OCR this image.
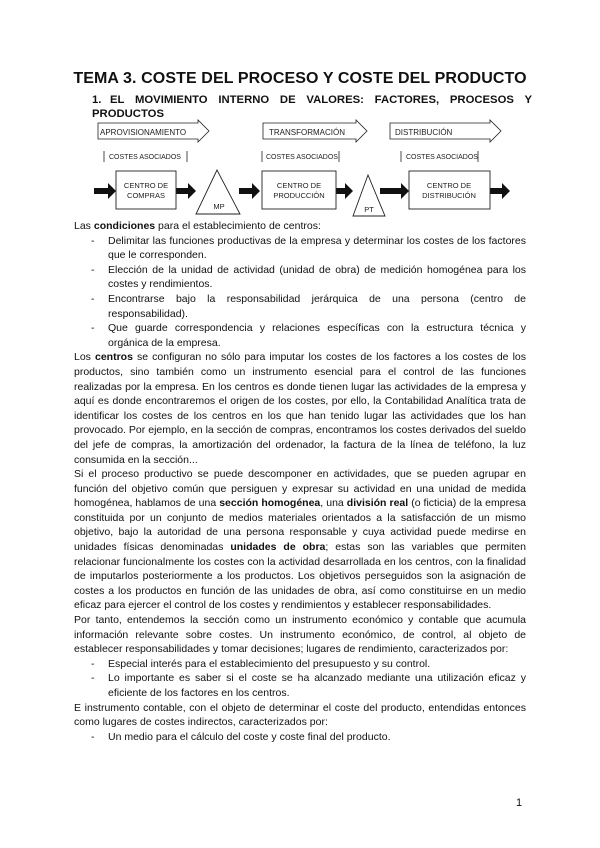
TEMA 3. COSTE DEL PROCESO Y COSTE DEL PRODUCTO
1. EL MOVIMIENTO INTERNO DE VALORES: FACTORES, PROCESOS Y PRODUCTOS
APROVISIONAMIENTO	TRANSFORMACIÓN	DISTRIBUCIÓN
COSTES ASOCIADOS	COSTES ASOCIADOS	COSTES ASOCIADOS
CENTRO DE
COMPRAS
CENTRO DE
PRODUCCIÓN
CENTRO DE
DISTRIBUCIÓN
MP	PT

Las condiciones para el establecimiento de centros:

- Delimitar las funciones productivas de la empresa y determinar los costes de los factores que le corresponden.
- Elección de la unidad de actividad (unidad de obra) de medición homogénea para los costes y rendimientos.
- Encontrarse bajo la responsabilidad jerárquica de una persona (centro de responsabilidad).
- Que guarde correspondencia y relaciones específicas con la estructura técnica y orgánica de la empresa.

Los centros se configuran no sólo para imputar los costes de los factores a los costes de los productos, sino también como un instrumento esencial para el control de las funciones realizadas por la empresa. En los centros es donde tienen lugar las actividades de la empresa y aquí es donde encontraremos el origen de los costes, por ello, la Contabilidad Analítica trata de identificar los costes de los centros en los que han tenido lugar las actividades que los han provocado. Por ejemplo, en la sección de compras, encontramos los costes derivados del sueldo del jefe de compras, la amortización del ordenador, la factura de la línea de teléfono, la luz consumida en la sección...

Si el proceso productivo se puede descomponer en actividades, que se pueden agrupar en función del objetivo común que persiguen y expresar su actividad en una unidad de medida homogénea, hablamos de una sección homogénea, una división real (o ficticia) de la empresa constituida por un conjunto de medios materiales orientados a la satisfacción de un mismo objetivo, bajo la autoridad de una persona responsable y cuya actividad puede medirse en unidades físicas denominadas unidades de obra; estas son las variables que permiten relacionar funcionalmente los costes con la actividad desarrollada en los centros, con la finalidad de imputarlos posteriormente a los productos. Los objetivos perseguidos son la asignación de costes a los productos en función de las unidades de obra, así como constituirse en un medio eficaz para ejercer el control de los costes y rendimientos y establecer responsabilidades.

Por tanto, entendemos la sección como un instrumento económico y contable que acumula información relevante sobre costes. Un instrumento económico, de control, al objeto de establecer responsabilidades y tomar decisiones; lugares de rendimiento, caracterizados por:

- Especial interés para el establecimiento del presupuesto y su control.
- Lo importante es saber si el coste se ha alcanzado mediante una utilización eficaz y eficiente de los factores en los centros.

E instrumento contable, con el objeto de determinar el coste del producto, entendidas entonces como lugares de costes indirectos, caracterizados por:

- Un medio para el cálculo del coste y coste final del producto.
1
